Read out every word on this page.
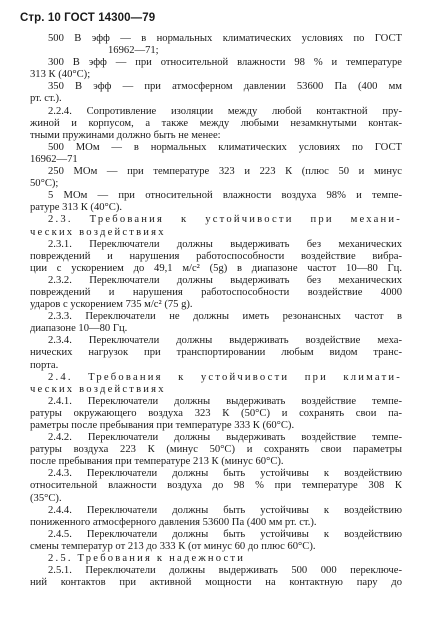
Стр. 10 ГОСТ 14300—79
500 В эфф — в нормальных климатических условиях по ГОСТ
16962—71;
300 В эфф — при относительной влажности 98 % и температуре
313 К (40°С);
350 В эфф — при атмосферном давлении 53600 Па (400 мм
рт. ст.).
2.2.4. Сопротивление изоляции между любой контактной пру-
жиной и корпусом, а также между любыми незамкнутыми контак-
тными пружинами должно быть не менее:
500 МОм — в нормальных климатических условиях по ГОСТ
16962—71
250 МОм — при температуре 323 и 223 К (плюс 50 и минус
50°С);
5 МОм — при относительной влажности воздуха 98% и темпе-
ратуре 313 К (40°С).
2.3. Требования к устойчивости при механи-
ческих воздействиях
2.3.1. Переключатели должны выдерживать без механических
повреждений и нарушения работоспособности воздействие вибра-
ции с ускорением до 49,1 м/с² (5g) в диапазоне частот 10—80 Гц.
2.3.2. Переключатели должны выдерживать без механических
повреждений и нарушения работоспособности воздействие 4000
ударов с ускорением 735 м/с² (75 g).
2.3.3. Переключатели не должны иметь резонансных частот в
диапазоне 10—80 Гц.
2.3.4. Переключатели должны выдерживать воздействие меха-
нических нагрузок при транспортировании любым видом транс-
порта.
2.4. Требования к устойчивости при климати-
ческих воздействиях
2.4.1. Переключатели должны выдерживать воздействие темпе-
ратуры окружающего воздуха 323 К (50°С) и сохранять свои па-
раметры после пребывания при температуре 333 К (60°С).
2.4.2. Переключатели должны выдерживать воздействие темпе-
ратуры воздуха 223 К (минус 50°С) и сохранять свои параметры
после пребывания при температуре 213 К (минус 60°С).
2.4.3. Переключатели должны быть устойчивы к воздействию
относительной влажности воздуха до 98 % при температуре 308 К
(35°С).
2.4.4. Переключатели должны быть устойчивы к воздействию
пониженного атмосферного давления 53600 Па (400 мм рт. ст.).
2.4.5. Переключатели должны быть устойчивы к воздействию
смены температур от 213 до 333 К (от минус 60 до плюс 60°С).
2.5. Требования к надежности
2.5.1. Переключатели должны выдерживать 500 000 переключе-
ний контактов при активной мощности на контактную пару до
